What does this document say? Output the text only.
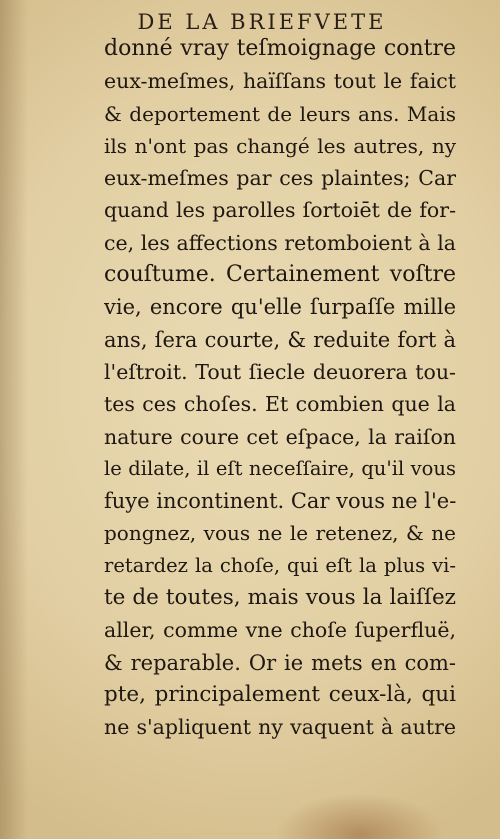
DE LA BRIEFVETE
donné vray teſmoignage contre
eux-meſmes, haïſſans tout le faict
& deportement de leurs ans. Mais
ils n'ont pas changé les autres, ny
eux-meſmes par ces plaintes; Car
quand les parolles ſortoiēt de for-
ce, les affections retomboient à la
couſtume. Certainement voſtre
vie, encore qu'elle ſurpaſſe mille
ans, ſera courte, & reduite fort à
l'eſtroit. Tout ſiecle deuorera tou-
tes ces choſes. Et combien que la
nature coure cet eſpace, la raiſon
le dilate, il eſt neceſſaire, qu'il vous
fuye incontinent. Car vous ne l'e-
pongnez, vous ne le retenez, & ne
retardez la choſe, qui eſt la plus vi-
te de toutes, mais vous la laiſſez
aller, comme vne choſe ſuperfluë,
& reparable. Or ie mets en com-
pte, principalement ceux-là, qui
ne s'apliquent ny vaquent à autre
